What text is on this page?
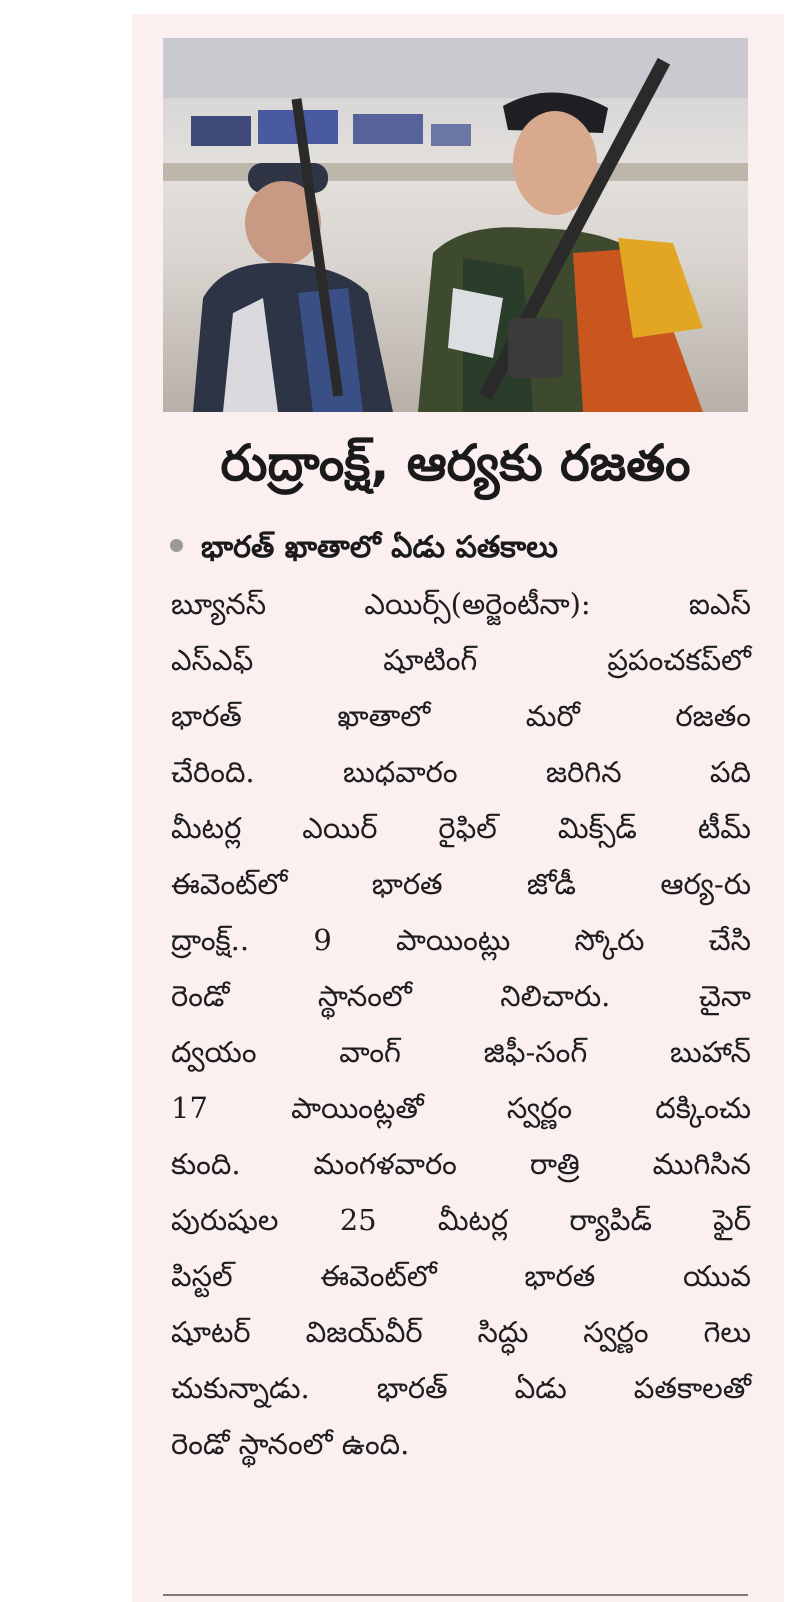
రుద్రాంక్ష్, ఆర్యకు రజతం
భారత్ ఖాతాలో ఏడు పతకాలు
బ్యూనస్ ఎయిర్స్(అర్జెంటీనా): ఐఎస్
ఎస్ఎఫ్ షూటింగ్ ప్రపంచకప్‌లో
భారత్ ఖాతాలో మరో రజతం
చేరింది. బుధవారం జరిగిన పది
మీటర్ల ఎయిర్ రైఫిల్ మిక్స్‌డ్ టీమ్
ఈవెంట్‌లో భారత జోడీ ఆర్య-రు
ద్రాంక్ష్.. 9 పాయింట్లు స్కోరు చేసి
రెండో స్థానంలో నిలిచారు. చైనా
ద్వయం వాంగ్ జిఫీ-సంగ్ బుహాన్
17 పాయింట్లతో స్వర్ణం దక్కించు
కుంది. మంగళవారం రాత్రి ముగిసిన
పురుషుల 25 మీటర్ల ర్యాపిడ్ ఫైర్
పిస్టల్ ఈవెంట్‌లో భారత యువ
షూటర్ విజయ్‌వీర్ సిద్ధు స్వర్ణం గెలు
చుకున్నాడు. భారత్ ఏడు పతకాలతో
రెండో స్థానంలో ఉంది.
